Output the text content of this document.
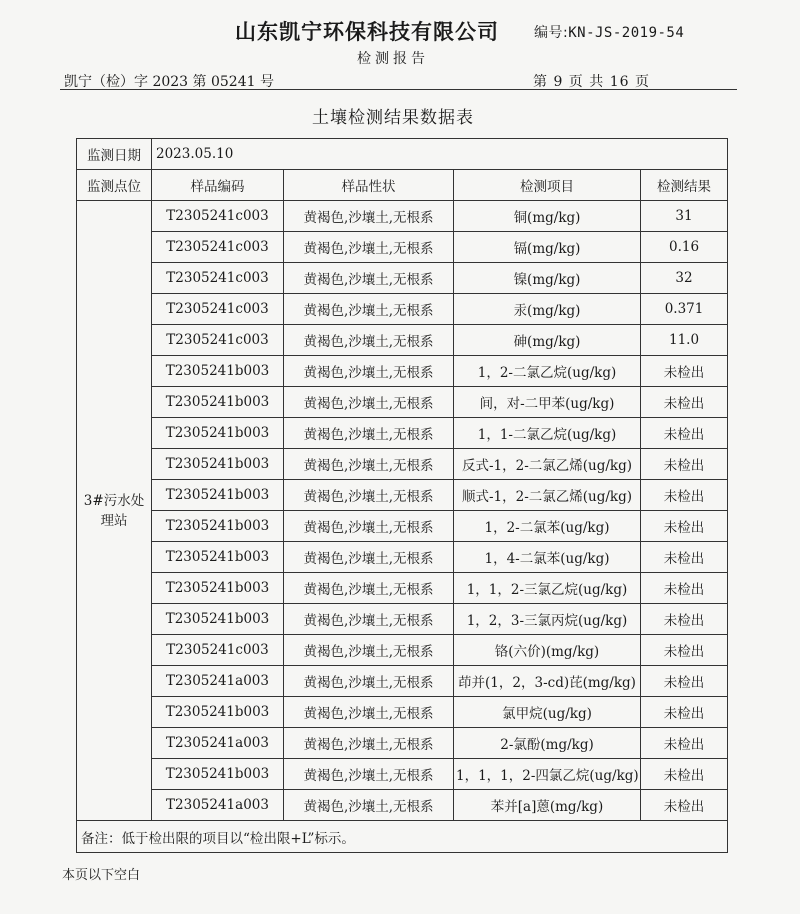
山东凯宁环保科技有限公司	编号:KN-JS-2019-54
检测报告
凯宁（检）字 2023 第 05241 号	第 9 页 共 16 页
土壤检测结果数据表
监测日期	2023.05.10			
监测点位	样品编码	样品性状	检测项目	检测结果
3#污水处理站	T2305241c003	黄褐色,沙壤土,无根系	铜(mg/kg)	31
	T2305241c003	黄褐色,沙壤土,无根系	镉(mg/kg)	0.16
	T2305241c003	黄褐色,沙壤土,无根系	镍(mg/kg)	32
	T2305241c003	黄褐色,沙壤土,无根系	汞(mg/kg)	0.371
	T2305241c003	黄褐色,沙壤土,无根系	砷(mg/kg)	11.0
	T2305241b003	黄褐色,沙壤土,无根系	1，2-二氯乙烷(ug/kg)	未检出
	T2305241b003	黄褐色,沙壤土,无根系	间，对-二甲苯(ug/kg)	未检出
	T2305241b003	黄褐色,沙壤土,无根系	1，1-二氯乙烷(ug/kg)	未检出
	T2305241b003	黄褐色,沙壤土,无根系	反式-1，2-二氯乙烯(ug/kg)	未检出
	T2305241b003	黄褐色,沙壤土,无根系	顺式-1，2-二氯乙烯(ug/kg)	未检出
	T2305241b003	黄褐色,沙壤土,无根系	1，2-二氯苯(ug/kg)	未检出
	T2305241b003	黄褐色,沙壤土,无根系	1，4-二氯苯(ug/kg)	未检出
	T2305241b003	黄褐色,沙壤土,无根系	1，1，2-三氯乙烷(ug/kg)	未检出
	T2305241b003	黄褐色,沙壤土,无根系	1，2，3-三氯丙烷(ug/kg)	未检出
	T2305241c003	黄褐色,沙壤土,无根系	铬(六价)(mg/kg)	未检出
	T2305241a003	黄褐色,沙壤土,无根系	茚并(1，2，3-cd)芘(mg/kg)	未检出
	T2305241b003	黄褐色,沙壤土,无根系	氯甲烷(ug/kg)	未检出
	T2305241a003	黄褐色,沙壤土,无根系	2-氯酚(mg/kg)	未检出
	T2305241b003	黄褐色,沙壤土,无根系	1，1，1，2-四氯乙烷(ug/kg)	未检出
	T2305241a003	黄褐色,沙壤土,无根系	苯并[a]蒽(mg/kg)	未检出
备注：低于检出限的项目以“检出限+L”标示。				
本页以下空白
